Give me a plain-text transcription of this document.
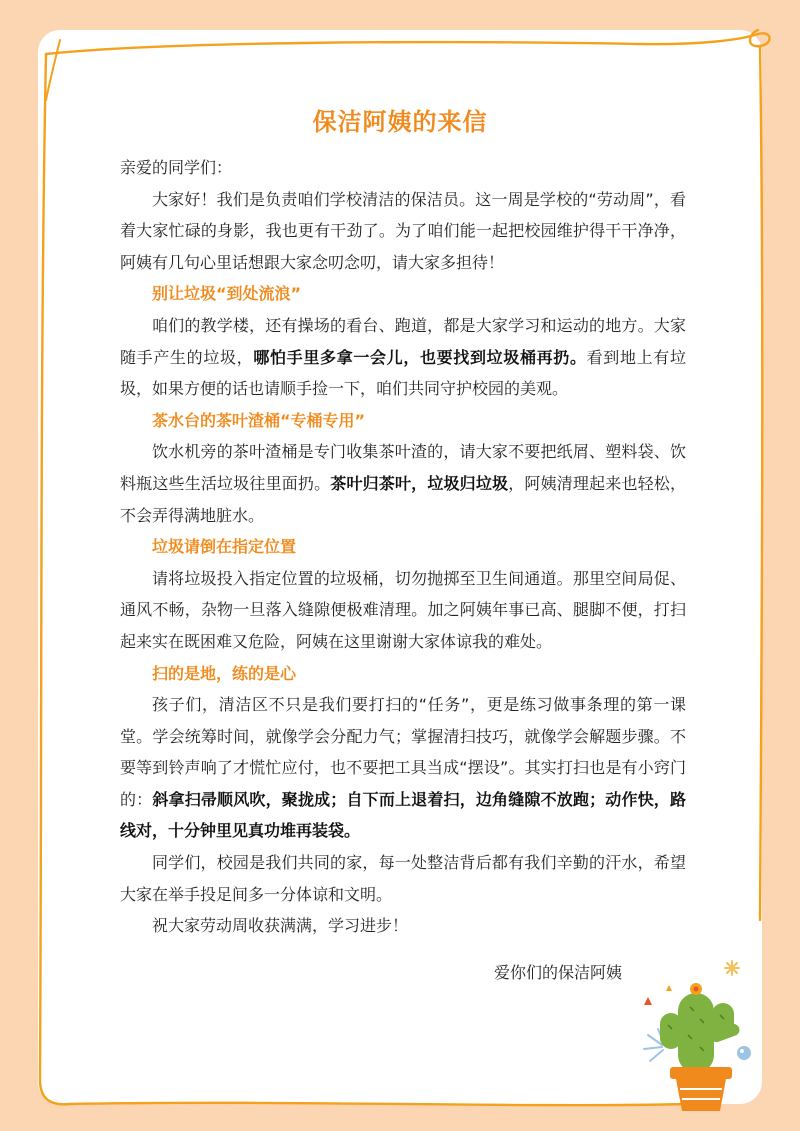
保洁阿姨的来信

亲爱的同学们：

大家好！我们是负责咱们学校清洁的保洁员。这一周是学校的“劳动周”，看着大家忙碌的身影，我也更有干劲了。为了咱们能一起把校园维护得干干净净，阿姨有几句心里话想跟大家念叨念叨，请大家多担待！

别让垃圾“到处流浪”

咱们的教学楼，还有操场的看台、跑道，都是大家学习和运动的地方。大家随手产生的垃圾，哪怕手里多拿一会儿，也要找到垃圾桶再扔。看到地上有垃圾，如果方便的话也请顺手捡一下，咱们共同守护校园的美观。

茶水台的茶叶渣桶“专桶专用”

饮水机旁的茶叶渣桶是专门收集茶叶渣的，请大家不要把纸屑、塑料袋、饮料瓶这些生活垃圾往里面扔。茶叶归茶叶，垃圾归垃圾，阿姨清理起来也轻松，不会弄得满地脏水。

垃圾请倒在指定位置

请将垃圾投入指定位置的垃圾桶，切勿抛掷至卫生间通道。那里空间局促、通风不畅，杂物一旦落入缝隙便极难清理。加之阿姨年事已高、腿脚不便，打扫起来实在既困难又危险，阿姨在这里谢谢大家体谅我的难处。

扫的是地，练的是心

孩子们，清洁区不只是我们要打扫的“任务”，更是练习做事条理的第一课堂。学会统筹时间，就像学会分配力气；掌握清扫技巧，就像学会解题步骤。不要等到铃声响了才慌忙应付，也不要把工具当成“摆设”。其实打扫也是有小窍门的：斜拿扫帚顺风吹，聚拢成；自下而上退着扫，边角缝隙不放跑；动作快，路线对，十分钟里见真功堆再装袋。

同学们，校园是我们共同的家，每一处整洁背后都有我们辛勤的汗水，希望大家在举手投足间多一分体谅和文明。

祝大家劳动周收获满满，学习进步！

爱你们的保洁阿姨
